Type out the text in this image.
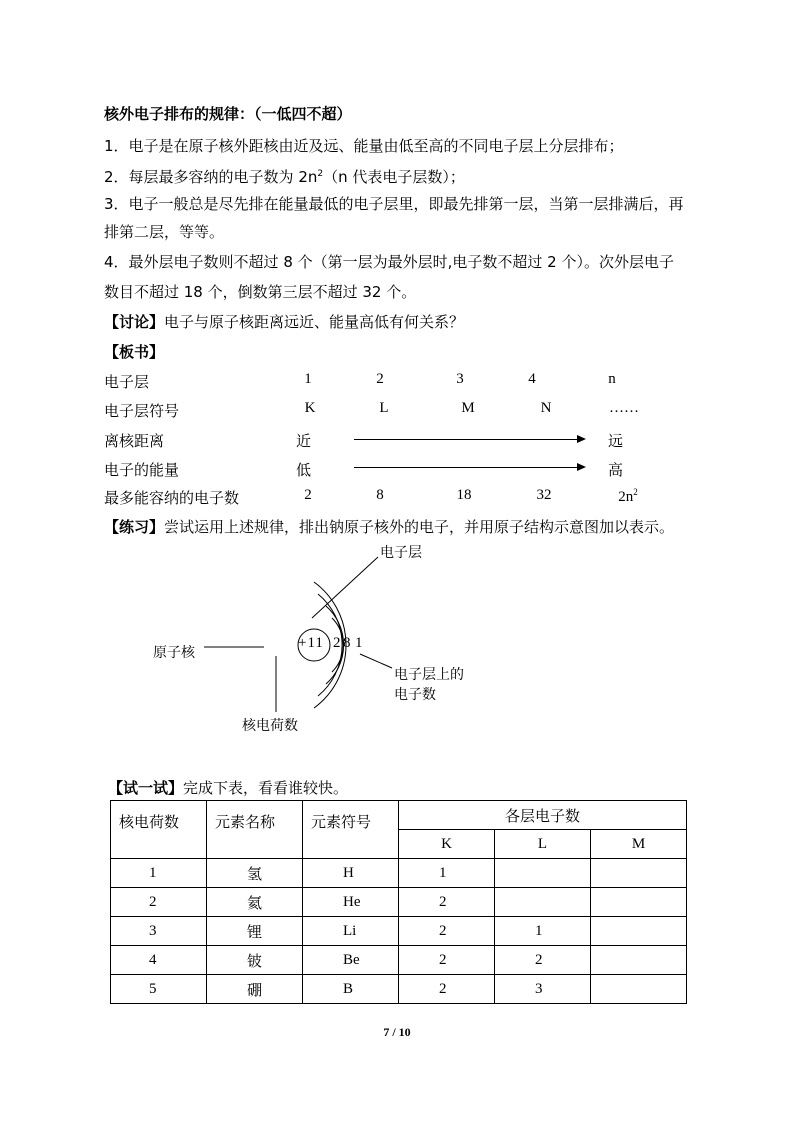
核外电子排布的规律：（一低四不超）

1．电子是在原子核外距核由近及远、能量由低至高的不同电子层上分层排布；

2．每层最多容纳的电子数为 $2n^2(n$ 代表电子层数）；

3．电子一般总是尽先排在能量最低的电子层里，即最先排第一层，当第一层排满后，再

排第二层，等等。

4．最外层电子数则不超过 8 个（第一层为最外层时,电子数不超过 2 个）。次外层电子

数目不超过 18 个，倒数第三层不超过 32 个。

【讨论】电子与原子核距离远近、能量高低有何关系？

【板书】

电子层	1	2	3	4	n
电子层符号	K	L	M	N	……
离核距离	近	远
电子的能量	低	高
最多能容纳的电子数	2	8	18	32	$2n^2$

【练习】尝试运用上述规律，排出钠原子核外的电子，并用原子结构示意图加以表示。

+11 2 8 1
电子层
原子核
核电荷数
电子层上的
电子数

【试一试】完成下表，看看谁较快。

核电荷数	元素名称	元素符号	各层电子数		
			K	L	M
1	氢	H	1		
2	氦	He	2		
3	锂	Li	2	1	
4	铍	Be	2	2	
5	硼	B	2	3	
7 / 10
